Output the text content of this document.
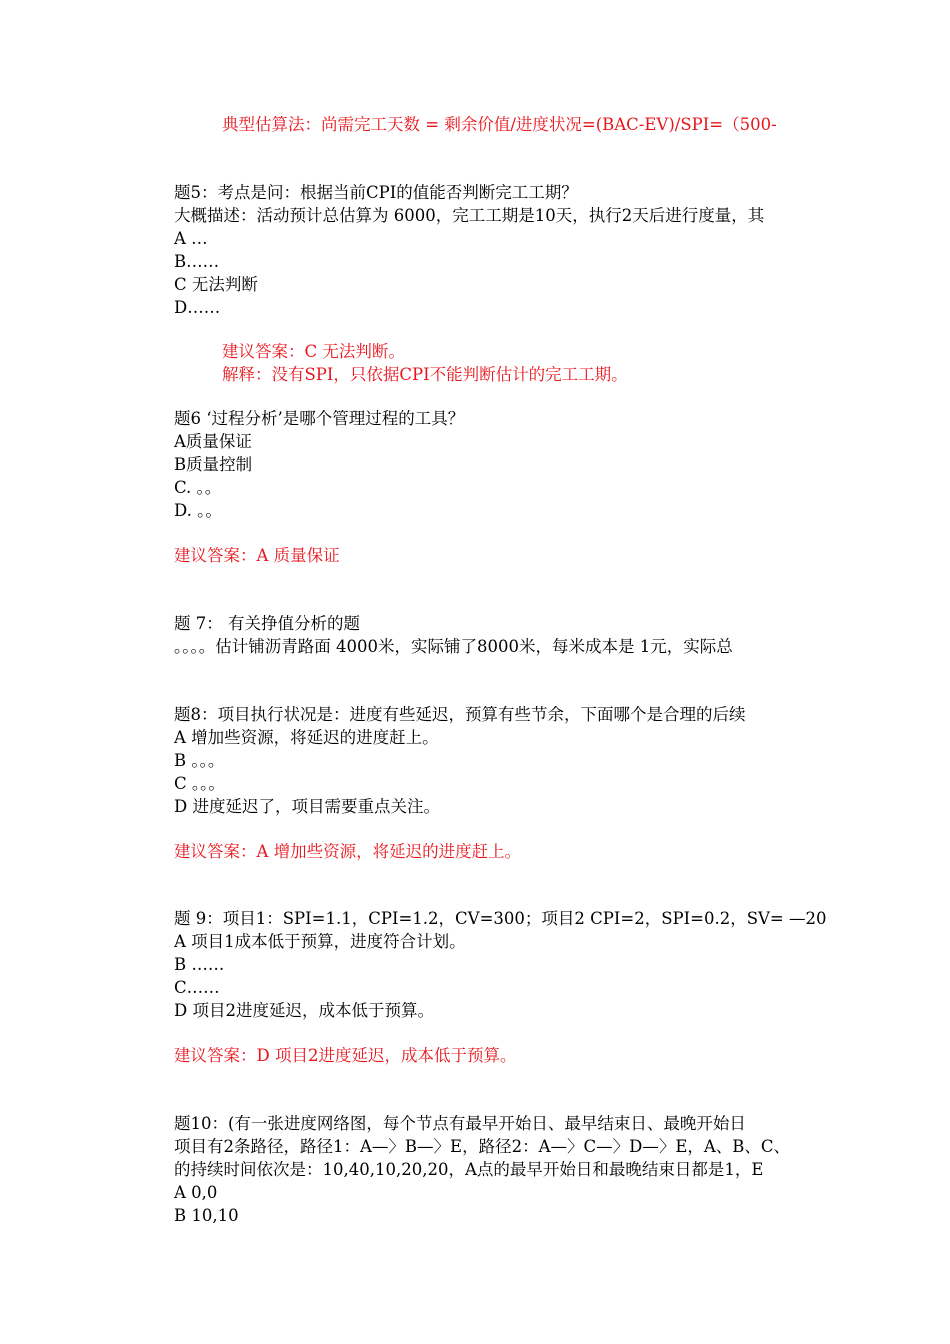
典型估算法：尚需完工天数 = 剩余价值/进度状况=(BAC-EV)/SPI=（500-
题5：考点是问：根据当前CPI的值能否判断完工工期？
大概描述：活动预计总估算为 6000，完工工期是10天，执行2天后进行度量，其
A …
B……
C 无法判断
D……
建议答案：C 无法判断。
解释：没有SPI，只依据CPI不能判断估计的完工工期。
题6 ‘过程分析’是哪个管理过程的工具？
A质量保证
B质量控制
C. 。。
D. 。。
建议答案：A 质量保证
题 7： 有关挣值分析的题
。。。。估计铺沥青路面 4000米，实际铺了8000米，每米成本是 1元，实际总
题8：项目执行状况是：进度有些延迟，预算有些节余，下面哪个是合理的后续
A 增加些资源，将延迟的进度赶上。
B 。。。
C 。。。
D 进度延迟了，项目需要重点关注。
建议答案：A 增加些资源，将延迟的进度赶上。
题 9：项目1：SPI=1.1，CPI=1.2，CV=300；项目2 CPI=2，SPI=0.2，SV= —20
A 项目1成本低于预算，进度符合计划。
B ……
C……
D 项目2进度延迟，成本低于预算。
建议答案：D 项目2进度延迟，成本低于预算。
题10：(有一张进度网络图，每个节点有最早开始日、最早结束日、最晚开始日
项目有2条路径，路径1：A—〉B—〉E，路径2：A—〉C—〉D—〉E，A、B、C、
的持续时间依次是：10,40,10,20,20，A点的最早开始日和最晚结束日都是1，E
A 0,0
B 10,10
